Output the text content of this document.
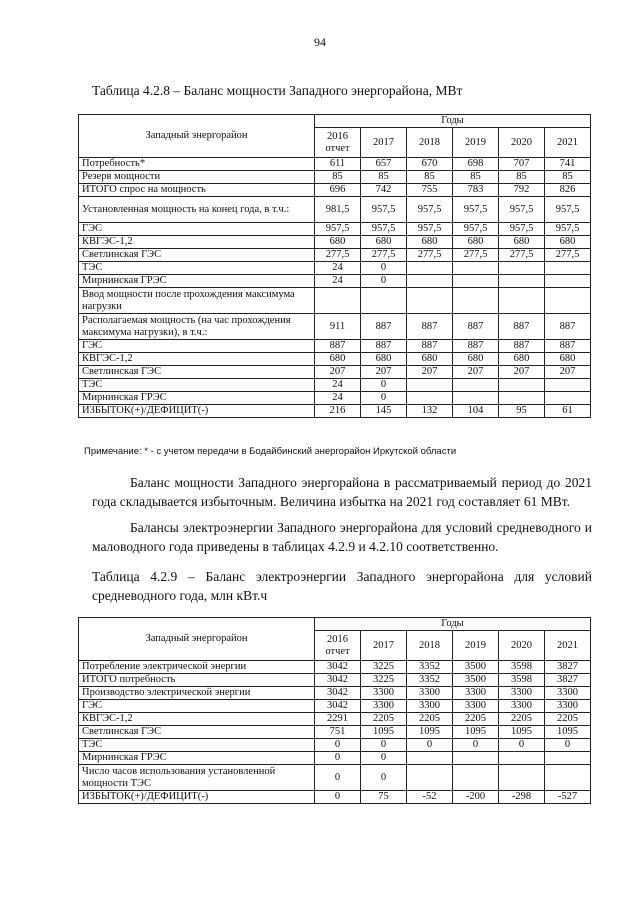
94
Таблица 4.2.8 – Баланс мощности Западного энергорайона, МВт
Западный энергорайон	Годы					

	2016
отчет	2017	2018	2019	2020	2021
Потребность*	611	657	670	698	707	741
Резерв мощности	85	85	85	85	85	85
ИТОГО спрос на мощность	696	742	755	783	792	826
Установленная мощность на конец года, в т.ч.:	981,5	957,5	957,5	957,5	957,5	957,5
ГЭС	957,5	957,5	957,5	957,5	957,5	957,5
КВГЭС-1,2	680	680	680	680	680	680
Светлинская ГЭС	277,5	277,5	277,5	277,5	277,5	277,5
ТЭС	24	0				
Мирнинская ГРЭС	24	0				
Ввод мощности после прохождения максимума нагрузки						
Располагаемая мощность (на час прохождения максимума нагрузки), в т.ч.:	911	887	887	887	887	887
ГЭС	887	887	887	887	887	887
КВГЭС-1,2	680	680	680	680	680	680
Светлинская ГЭС	207	207	207	207	207	207
ТЭС	24	0				
Мирнинская ГРЭС	24	0				
ИЗБЫТОК(+)/ДЕФИЦИТ(-)	216	145	132	104	95	61
Примечание: * - с учетом передачи в Бодайбинский энергорайон Иркутской области
Баланс мощности Западного энергорайона в рассматриваемый период до 2021 года складывается избыточным. Величина избытка на 2021 год составляет 61 МВт.
Балансы электроэнергии Западного энергорайона для условий средневодного и маловодного года приведены в таблицах 4.2.9 и 4.2.10 соответственно.
Таблица 4.2.9 – Баланс электроэнергии Западного энергорайона для условий средневодного года, млн кВт.ч
Западный энергорайон	Годы					

	2016
отчет	2017	2018	2019	2020	2021
Потребление электрической энергии	3042	3225	3352	3500	3598	3827
ИТОГО потребность	3042	3225	3352	3500	3598	3827
Производство электрической энергии	3042	3300	3300	3300	3300	3300
ГЭС	3042	3300	3300	3300	3300	3300
КВГЭС-1,2	2291	2205	2205	2205	2205	2205
Светлинская ГЭС	751	1095	1095	1095	1095	1095
ТЭС	0	0	0	0	0	0
Мирнинская ГРЭС	0	0				
Число часов использования установленной мощности ТЭС	0	0				
ИЗБЫТОК(+)/ДЕФИЦИТ(-)	0	75	-52	-200	-298	-527
